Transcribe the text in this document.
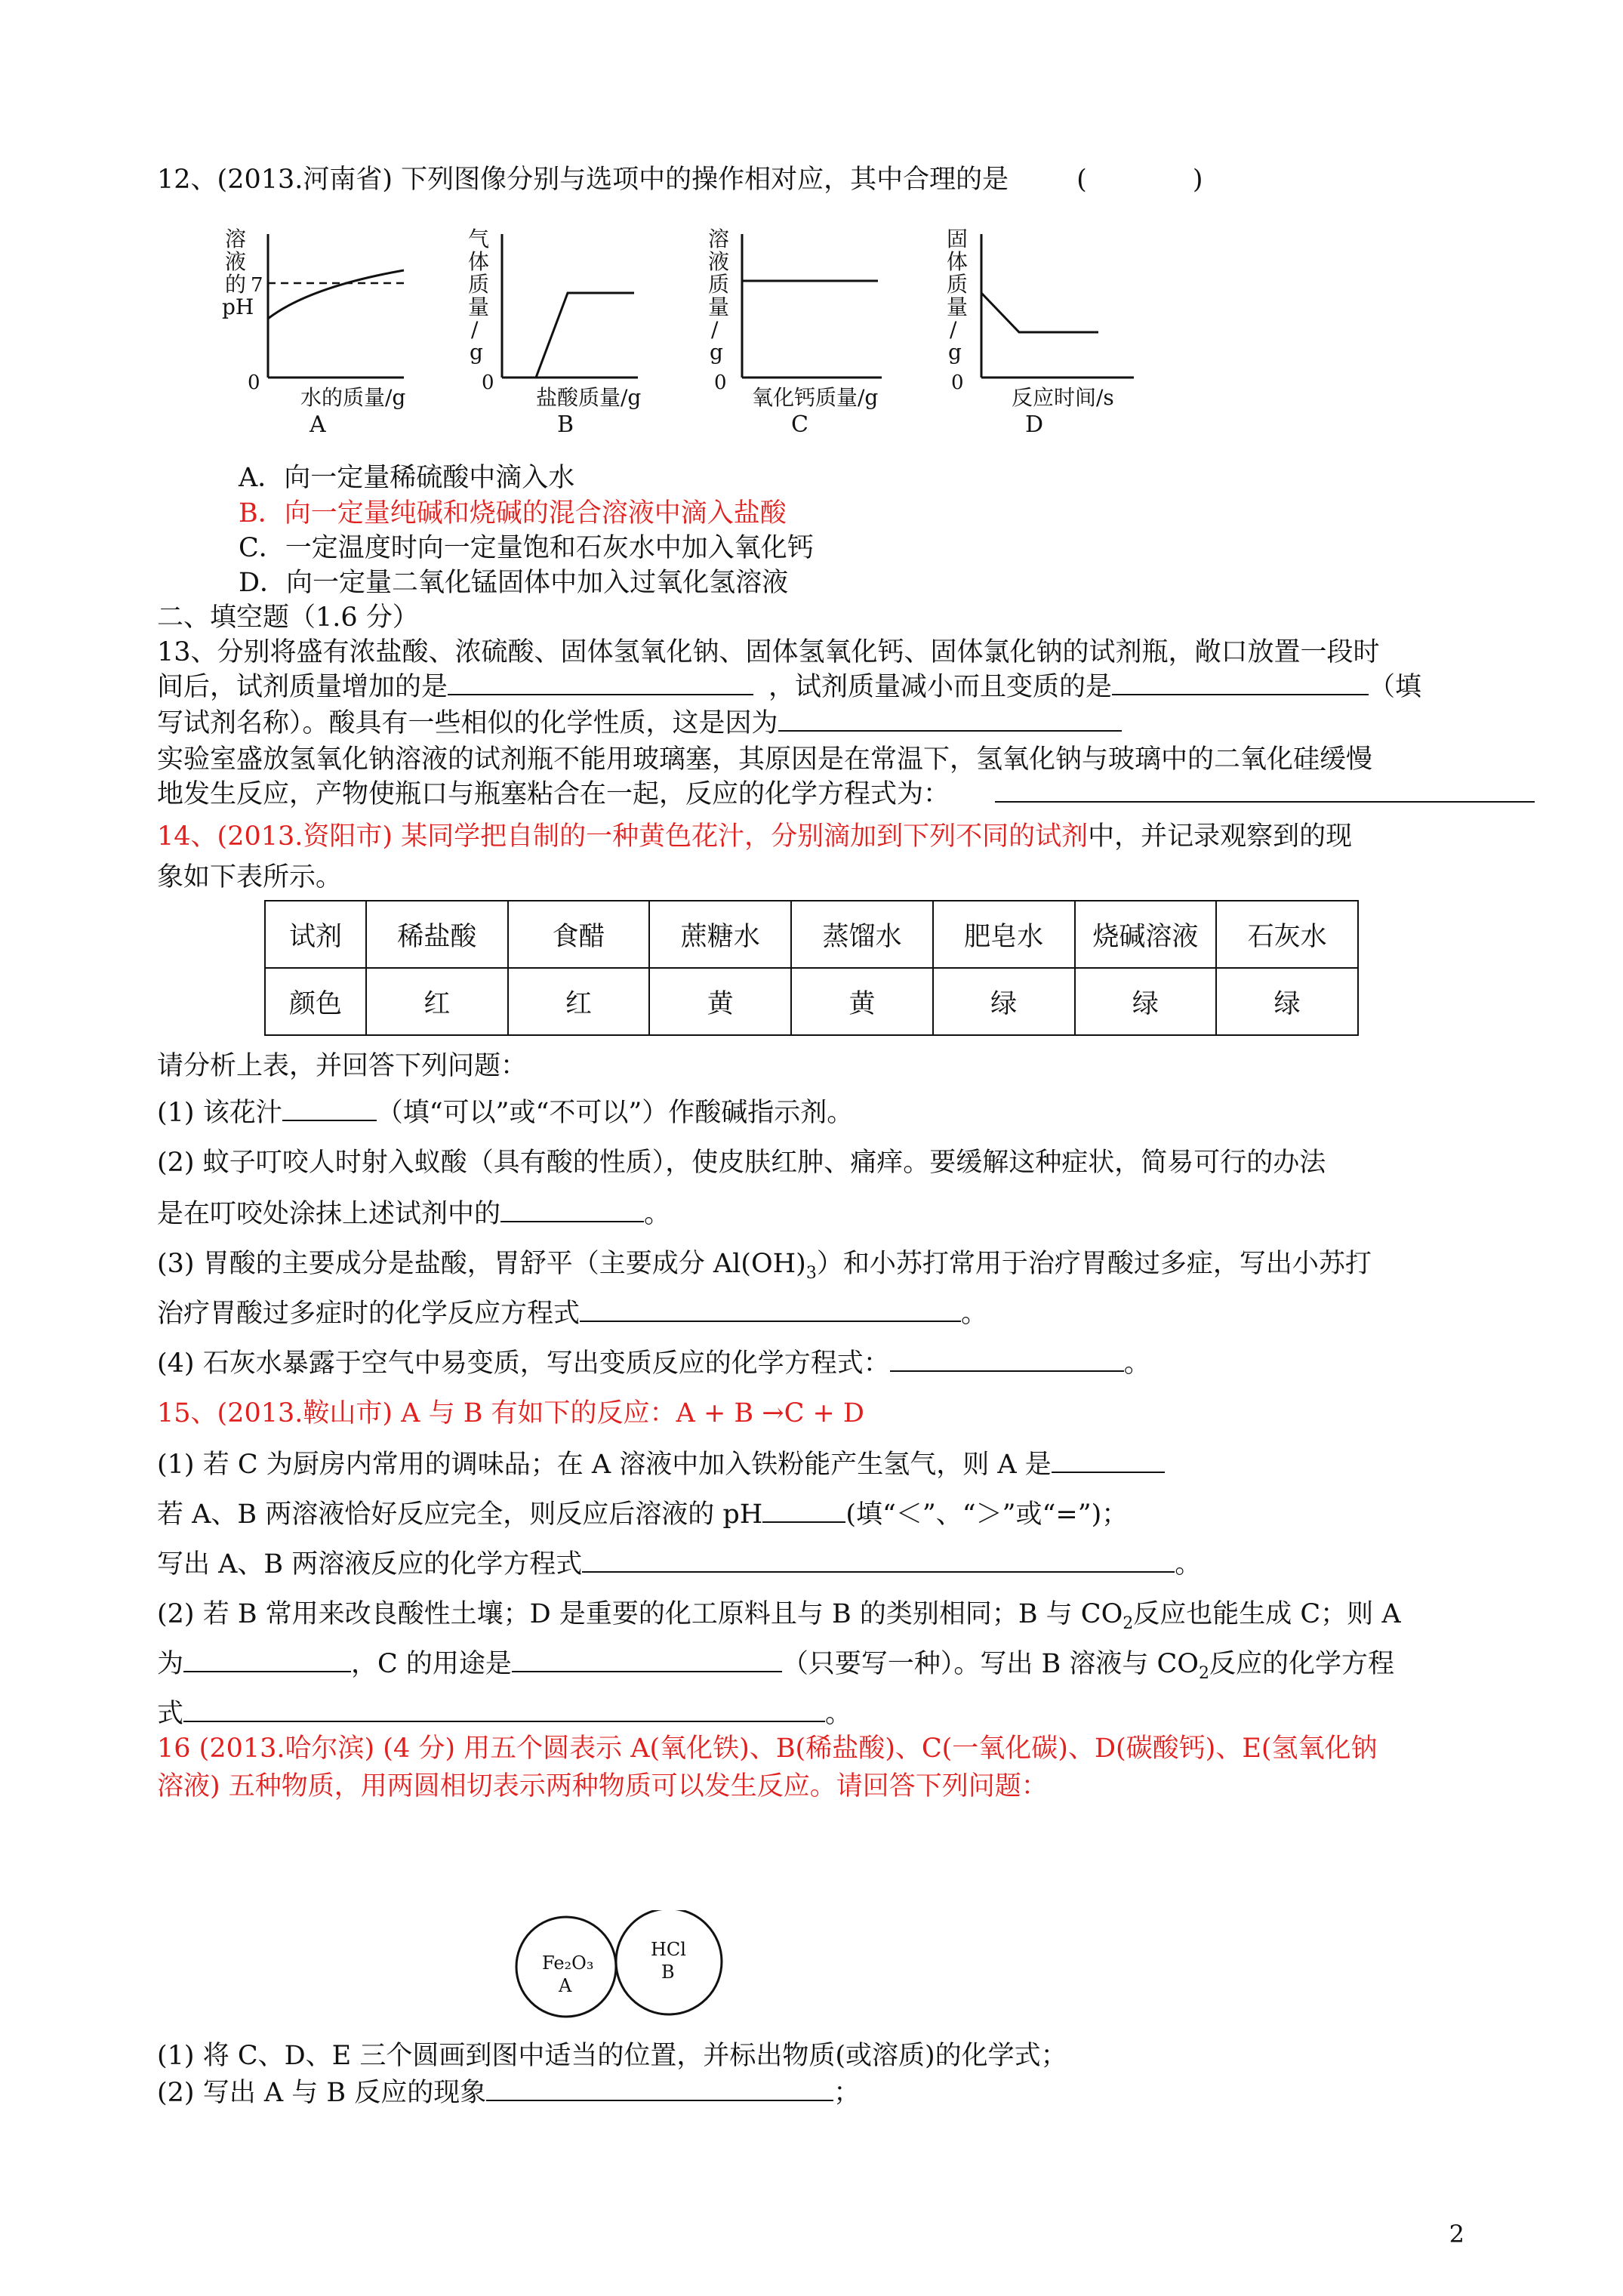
12、(2013.河南省) 下列图像分别与选项中的操作相对应，其中合理的是	(　　　　)
溶
液
的
pH
7
0
水的质量/g
A
气
体
质
量
/
g
0
盐酸质量/g
B
溶
液
质
量
/
g
0
氧化钙质量/g
C
固
体
质
量
/
g
0
反应时间/s
D
A．向一定量稀硫酸中滴入水
B．向一定量纯碱和烧碱的混合溶液中滴入盐酸
C．一定温度时向一定量饱和石灰水中加入氧化钙
D．向一定量二氧化锰固体中加入过氧化氢溶液
二、填空题（1.6 分）
13、分别将盛有浓盐酸、浓硫酸、固体氢氧化钠、固体氢氧化钙、固体氯化钠的试剂瓶，敞口放置一段时
间后，试剂质量增加的是	，试剂质量减小而且变质的是	（填
写试剂名称）。酸具有一些相似的化学性质，这是因为
实验室盛放氢氧化钠溶液的试剂瓶不能用玻璃塞，其原因是在常温下，氢氧化钠与玻璃中的二氧化硅缓慢
地发生反应，产物使瓶口与瓶塞粘合在一起，反应的化学方程式为：
14、(2013.资阳市) 某同学把自制的一种黄色花汁，分别滴加到下列不同的试剂中，并记录观察到的现
象如下表所示。
试剂	稀盐酸	食醋	蔗糖水	蒸馏水	肥皂水	烧碱溶液	石灰水
颜色	红	红	黄	黄	绿	绿	绿
请分析上表，并回答下列问题：
(1) 该花汁	（填“可以”或“不可以”）作酸碱指示剂。
(2) 蚊子叮咬人时射入蚁酸（具有酸的性质），使皮肤红肿、痛痒。要缓解这种症状，简易可行的办法
是在叮咬处涂抹上述试剂中的	。
(3) 胃酸的主要成分是盐酸，胃舒平（主要成分 $Al(OH)_3$）和小苏打常用于治疗胃酸过多症，写出小苏打
治疗胃酸过多症时的化学反应方程式	。
(4) 石灰水暴露于空气中易变质，写出变质反应的化学方程式：	。
15、(2013.鞍山市) A 与 B 有如下的反应：A + B →C + D
(1) 若 C 为厨房内常用的调味品；在 A 溶液中加入铁粉能产生氢气，则 A 是
若 A、B 两溶液恰好反应完全，则反应后溶液的 pH	(填“＜”、“＞”或“=”)；
写出 A、B 两溶液反应的化学方程式	。
(2) 若 B 常用来改良酸性土壤；D 是重要的化工原料且与 B 的类别相同；B 与 $CO_2$反应也能生成 C；则 A
为	，C 的用途是	（只要写一种）。写出 B 溶液与 $CO_2$反应的化学方程
式	。
16 (2013.哈尔滨) (4 分) 用五个圆表示 A(氧化铁)、B(稀盐酸)、C(一氧化碳)、D(碳酸钙)、E(氢氧化钠
溶液) 五种物质，用两圆相切表示两种物质可以发生反应。请回答下列问题：
Fe₂O₃
A
HCl
B
(1) 将 C、D、E 三个圆画到图中适当的位置，并标出物质(或溶质)的化学式；
(2) 写出 A 与 B 反应的现象	；
2
